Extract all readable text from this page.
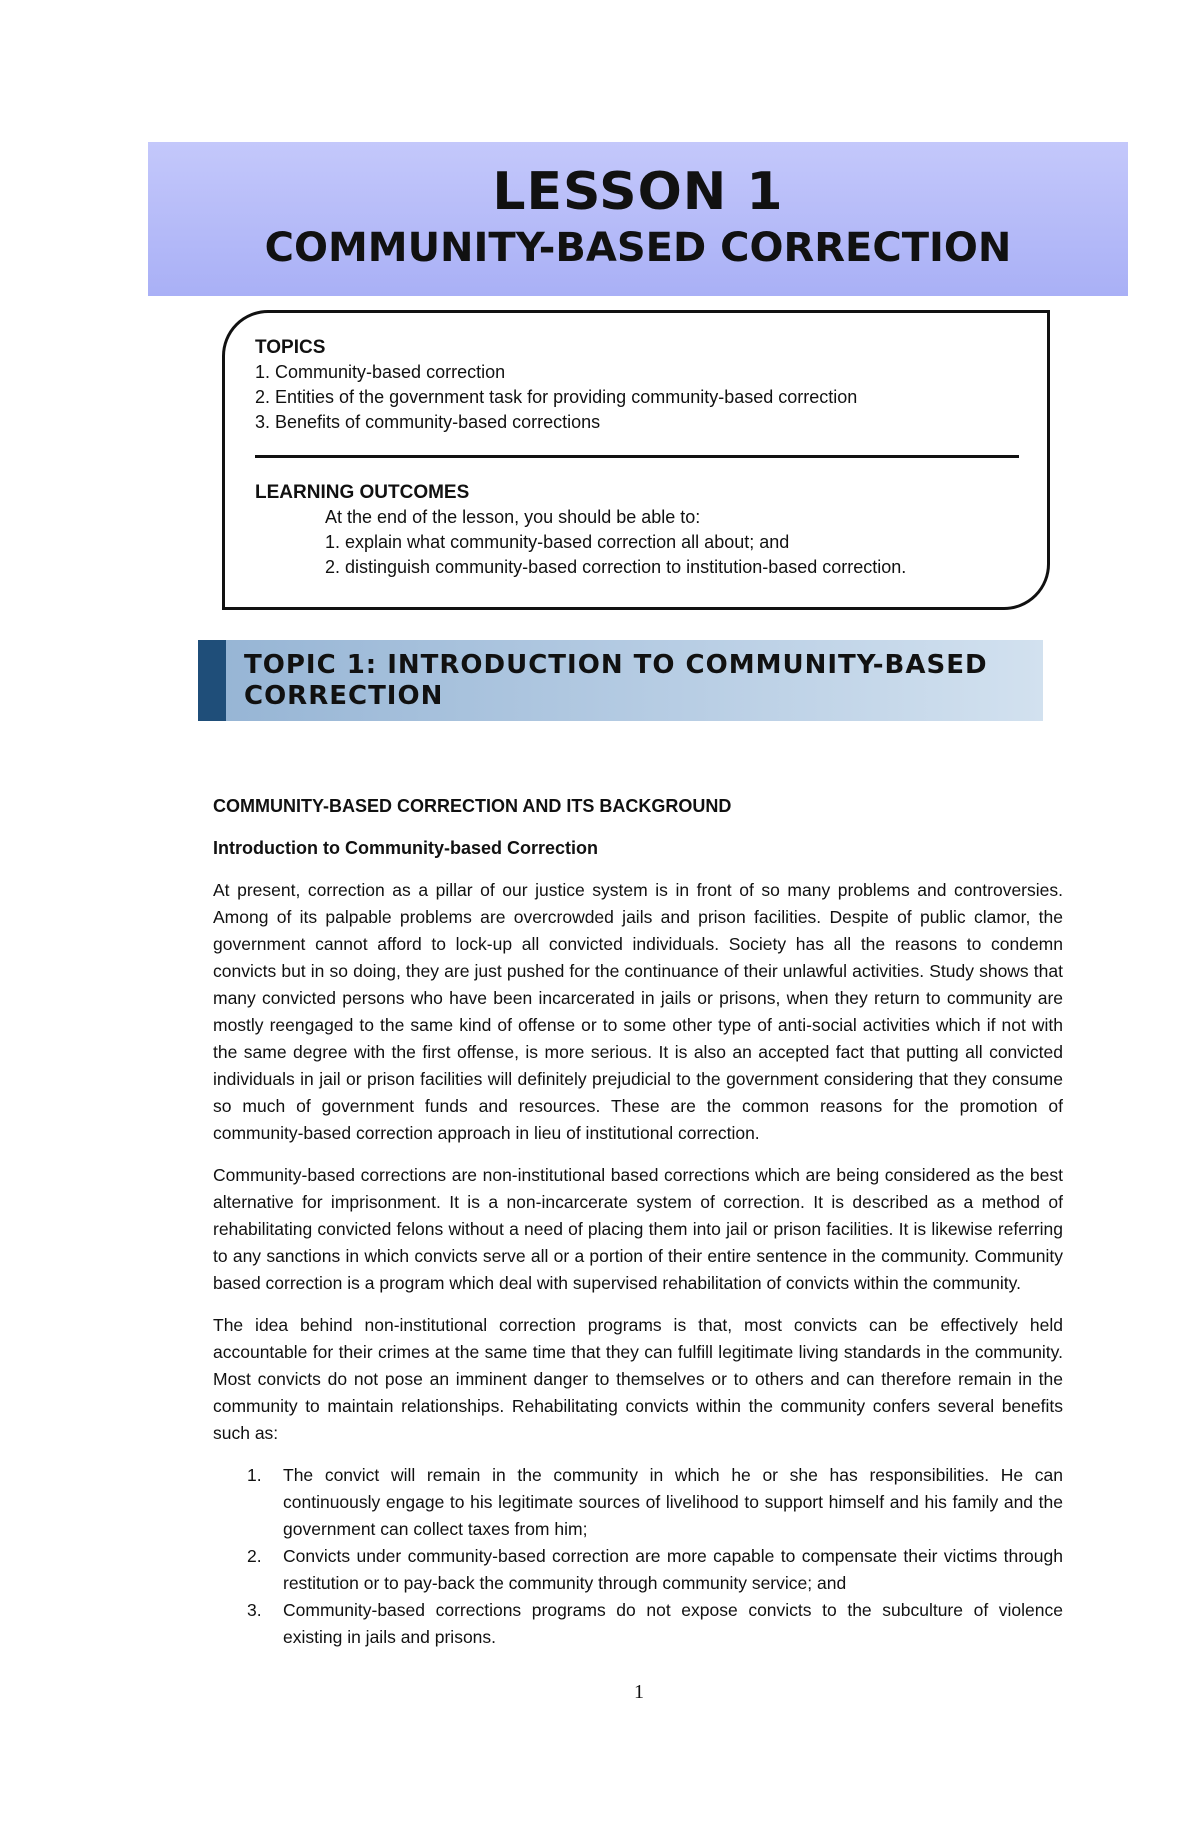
LESSON 1
COMMUNITY-BASED CORRECTION
TOPICS
1. Community-based correction
2. Entities of the government task for providing community-based correction
3. Benefits of community-based corrections
LEARNING OUTCOMES
At the end of the lesson, you should be able to:
1. explain what community-based correction all about; and
2. distinguish community-based correction to institution-based correction.
TOPIC 1: INTRODUCTION TO COMMUNITY-BASED CORRECTION
COMMUNITY-BASED CORRECTION AND ITS BACKGROUND
Introduction to Community-based Correction

At present, correction as a pillar of our justice system is in front of so many problems and controversies. Among of its palpable problems are overcrowded jails and prison facilities. Despite of public clamor, the government cannot afford to lock-up all convicted individuals. Society has all the reasons to condemn convicts but in so doing, they are just pushed for the continuance of their unlawful activities. Study shows that many convicted persons who have been incarcerated in jails or prisons, when they return to community are mostly reengaged to the same kind of offense or to some other type of anti-social activities which if not with the same degree with the first offense, is more serious. It is also an accepted fact that putting all convicted individuals in jail or prison facilities will definitely prejudicial to the government considering that they consume so much of government funds and resources. These are the common reasons for the promotion of community-based correction approach in lieu of institutional correction.

Community-based corrections are non-institutional based corrections which are being considered as the best alternative for imprisonment. It is a non-incarcerate system of correction. It is described as a method of rehabilitating convicted felons without a need of placing them into jail or prison facilities. It is likewise referring to any sanctions in which convicts serve all or a portion of their entire sentence in the community. Community based correction is a program which deal with supervised rehabilitation of convicts within the community.

The idea behind non-institutional correction programs is that, most convicts can be effectively held accountable for their crimes at the same time that they can fulfill legitimate living standards in the community. Most convicts do not pose an imminent danger to themselves or to others and can therefore remain in the community to maintain relationships. Rehabilitating convicts within the community confers several benefits such as:

1. The convict will remain in the community in which he or she has responsibilities. He can continuously engage to his legitimate sources of livelihood to support himself and his family and the government can collect taxes from him;
2. Convicts under community-based correction are more capable to compensate their victims through restitution or to pay-back the community through community service; and
3. Community-based corrections programs do not expose convicts to the subculture of violence existing in jails and prisons.
1
